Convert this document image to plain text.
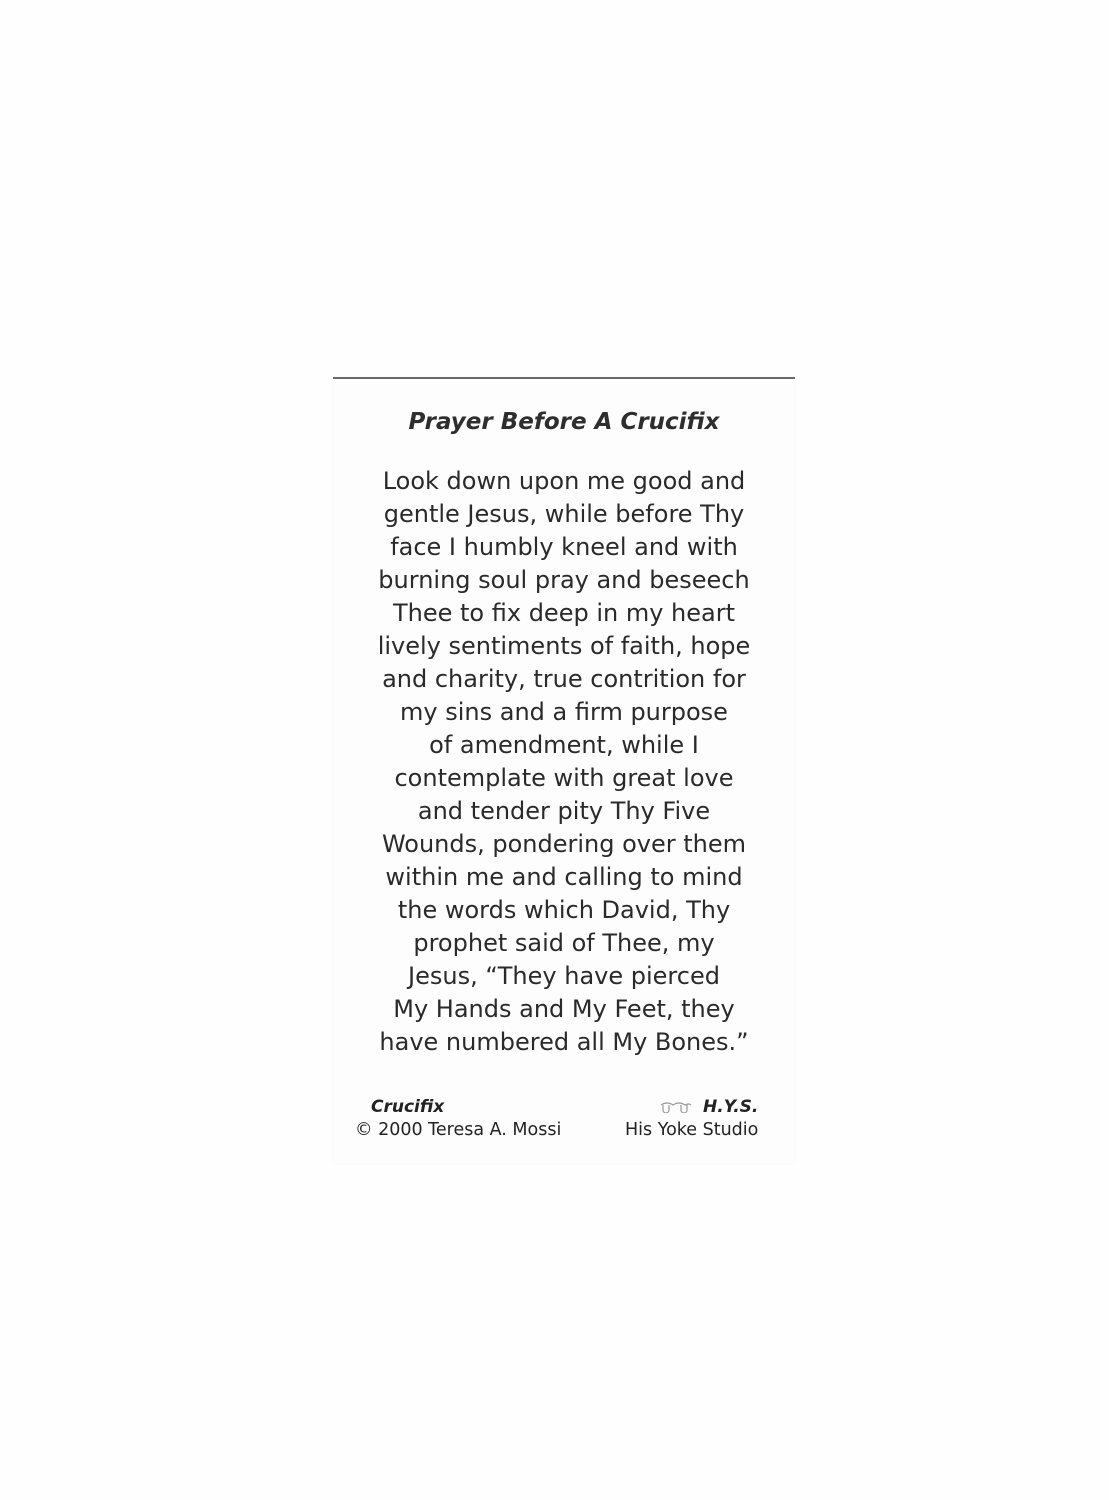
Prayer Before A Crucifix
Look down upon me good and
gentle Jesus, while before Thy
face I humbly kneel and with
burning soul pray and beseech
Thee to fix deep in my heart
lively sentiments of faith, hope
and charity, true contrition for
my sins and a firm purpose
of amendment, while I
contemplate with great love
and tender pity Thy Five
Wounds, pondering over them
within me and calling to mind
the words which David, Thy
prophet said of Thee, my
Jesus, “They have pierced
My Hands and My Feet, they
have numbered all My Bones.”
Crucifix
© 2000 Teresa A. Mossi
H.Y.S.
His Yoke Studio
